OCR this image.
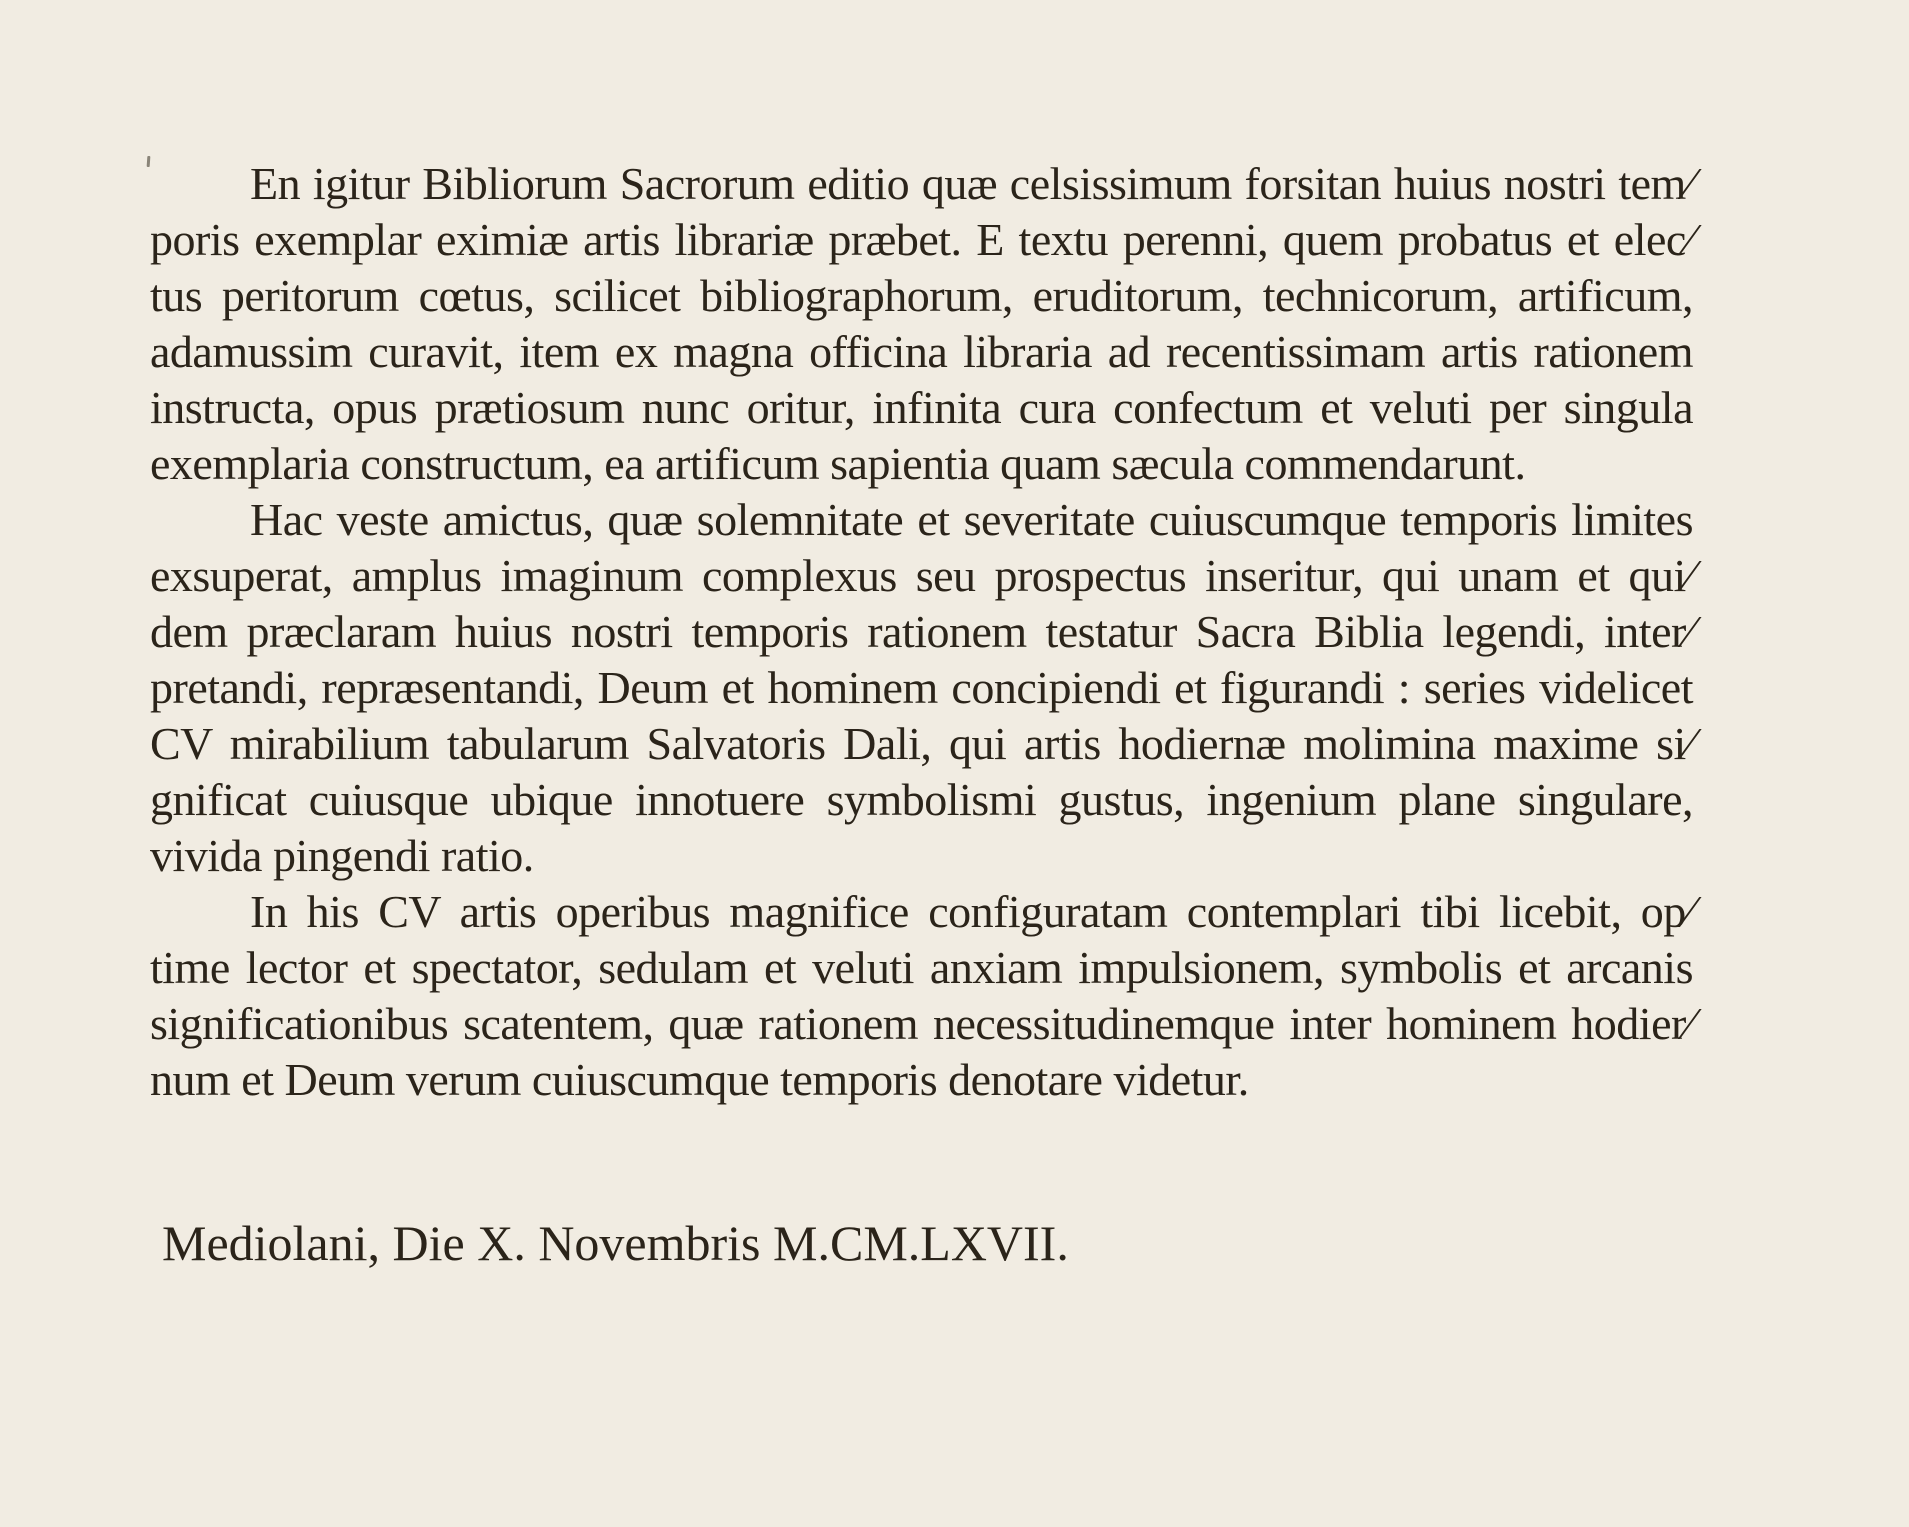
En igitur Bibliorum Sacrorum editio quæ celsissimum forsitan huius nostri tem⁄
poris exemplar eximiæ artis librariæ præbet. E textu perenni, quem probatus et elec⁄
tus peritorum cœtus, scilicet bibliographorum, eruditorum, technicorum, artificum,
adamussim curavit, item ex magna officina libraria ad recentissimam artis rationem
instructa, opus prætiosum nunc oritur, infinita cura confectum et veluti per singula
exemplaria constructum, ea artificum sapientia quam sæcula commendarunt.
Hac veste amictus, quæ solemnitate et severitate cuiuscumque temporis limites
exsuperat, amplus imaginum complexus seu prospectus inseritur, qui unam et qui⁄
dem præclaram huius nostri temporis rationem testatur Sacra Biblia legendi, inter⁄
pretandi, repræsentandi, Deum et hominem concipiendi et figurandi : series videlicet
CV mirabilium tabularum Salvatoris Dali, qui artis hodiernæ molimina maxime si⁄
gnificat cuiusque ubique innotuere symbolismi gustus, ingenium plane singulare,
vivida pingendi ratio.
In his CV artis operibus magnifice configuratam contemplari tibi licebit, op⁄
time lector et spectator, sedulam et veluti anxiam impulsionem, symbolis et arcanis
significationibus scatentem, quæ rationem necessitudinemque inter hominem hodier⁄
num et Deum verum cuiuscumque temporis denotare videtur.
Mediolani, Die X. Novembris M.CM.LXVII.
